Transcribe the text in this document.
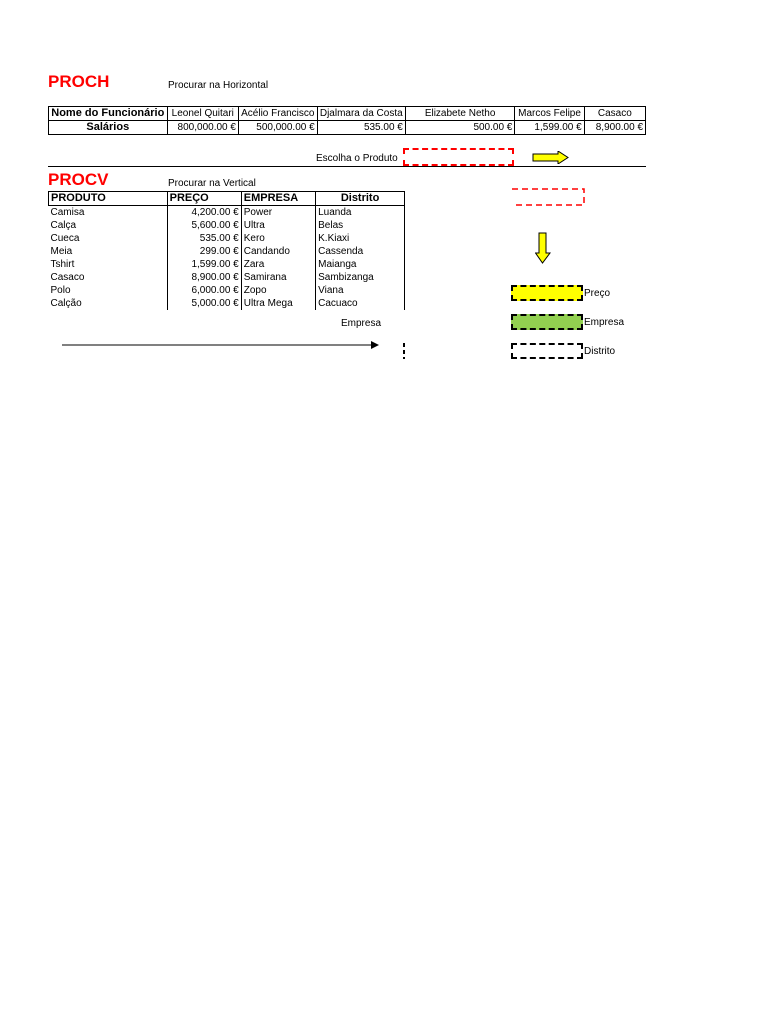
PROCH	Procurar na Horizontal
Nome do Funcionário	Leonel Quitari	Acélio Francisco	Djalmara da Costa	Elizabete Netho	Marcos Felipe	Casaco
Salários	800,000.00 €	500,000.00 €	535.00 €	500.00 €	1,599.00 €	8,900.00 €
Escolha o Produto
PROCV	Procurar na Vertical
PRODUTO	PREÇO	EMPRESA	Distrito
Camisa	4,200.00 €	Power	Luanda
Calça	5,600.00 €	Ultra	Belas
Cueca	535.00 €	Kero	K.Kiaxi
Meia	299.00 €	Candando	Cassenda
Tshirt	1,599.00 €	Zara	Maianga
Casaco	8,900.00 €	Samirana	Sambizanga
Polo	6,000.00 €	Zopo	Viana
Calção	5,000.00 €	Ultra Mega	Cacuaco
Empresa
Preço
Empresa
Distrito
